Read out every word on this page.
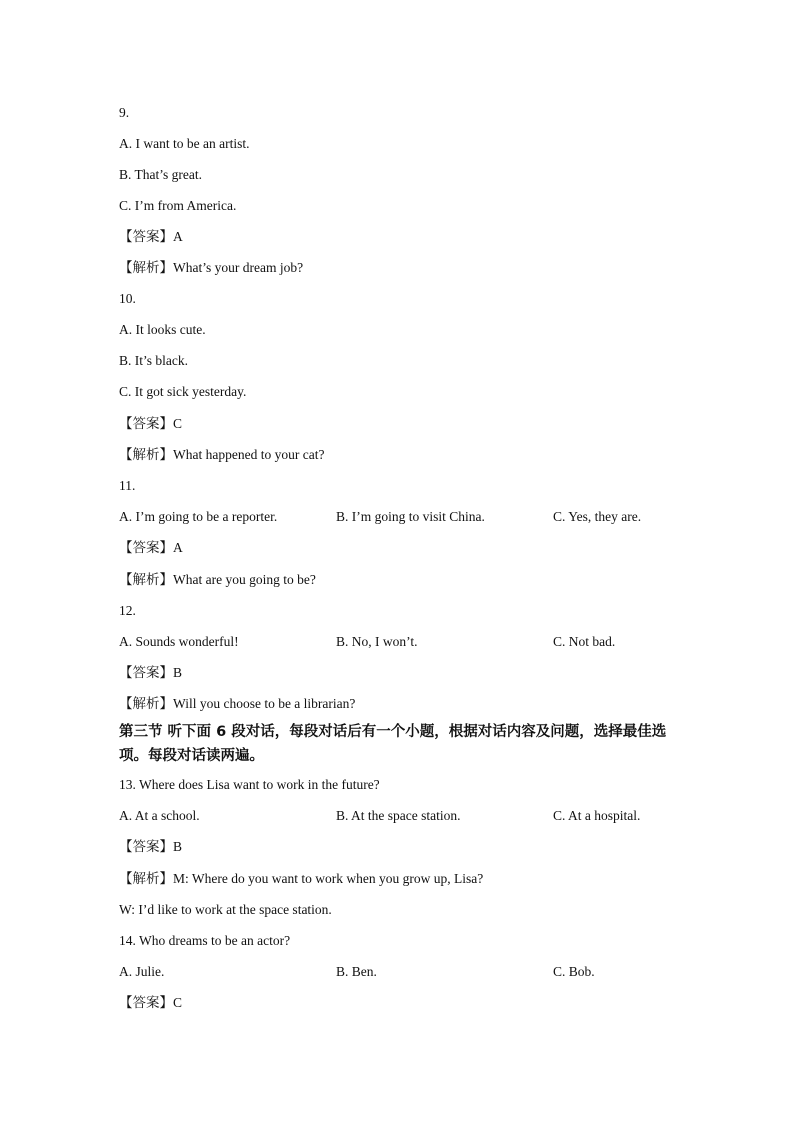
9.
A. I want to be an artist.
B. That’s great.
C. I’m from America.
【答案】A
【解析】What’s your dream job?
10.
A. It looks cute.
B. It’s black.
C. It got sick yesterday.
【答案】C
【解析】What happened to your cat?
11.
A. I’m going to be a reporter.	B. I’m going to visit China.	C. Yes, they are.
【答案】A
【解析】What are you going to be?
12.
A. Sounds wonderful!	B. No, I won’t.	C. Not bad.
【答案】B
【解析】Will you choose to be a librarian?
第三节 听下面 6 段对话，每段对话后有一个小题，根据对话内容及问题，选择最佳选项。每段对话读两遍。
13. Where does Lisa want to work in the future?
A. At a school.	B. At the space station.	C. At a hospital.
【答案】B
【解析】M: Where do you want to work when you grow up, Lisa?
W: I’d like to work at the space station.
14. Who dreams to be an actor?
A. Julie.	B. Ben.	C. Bob.
【答案】C
